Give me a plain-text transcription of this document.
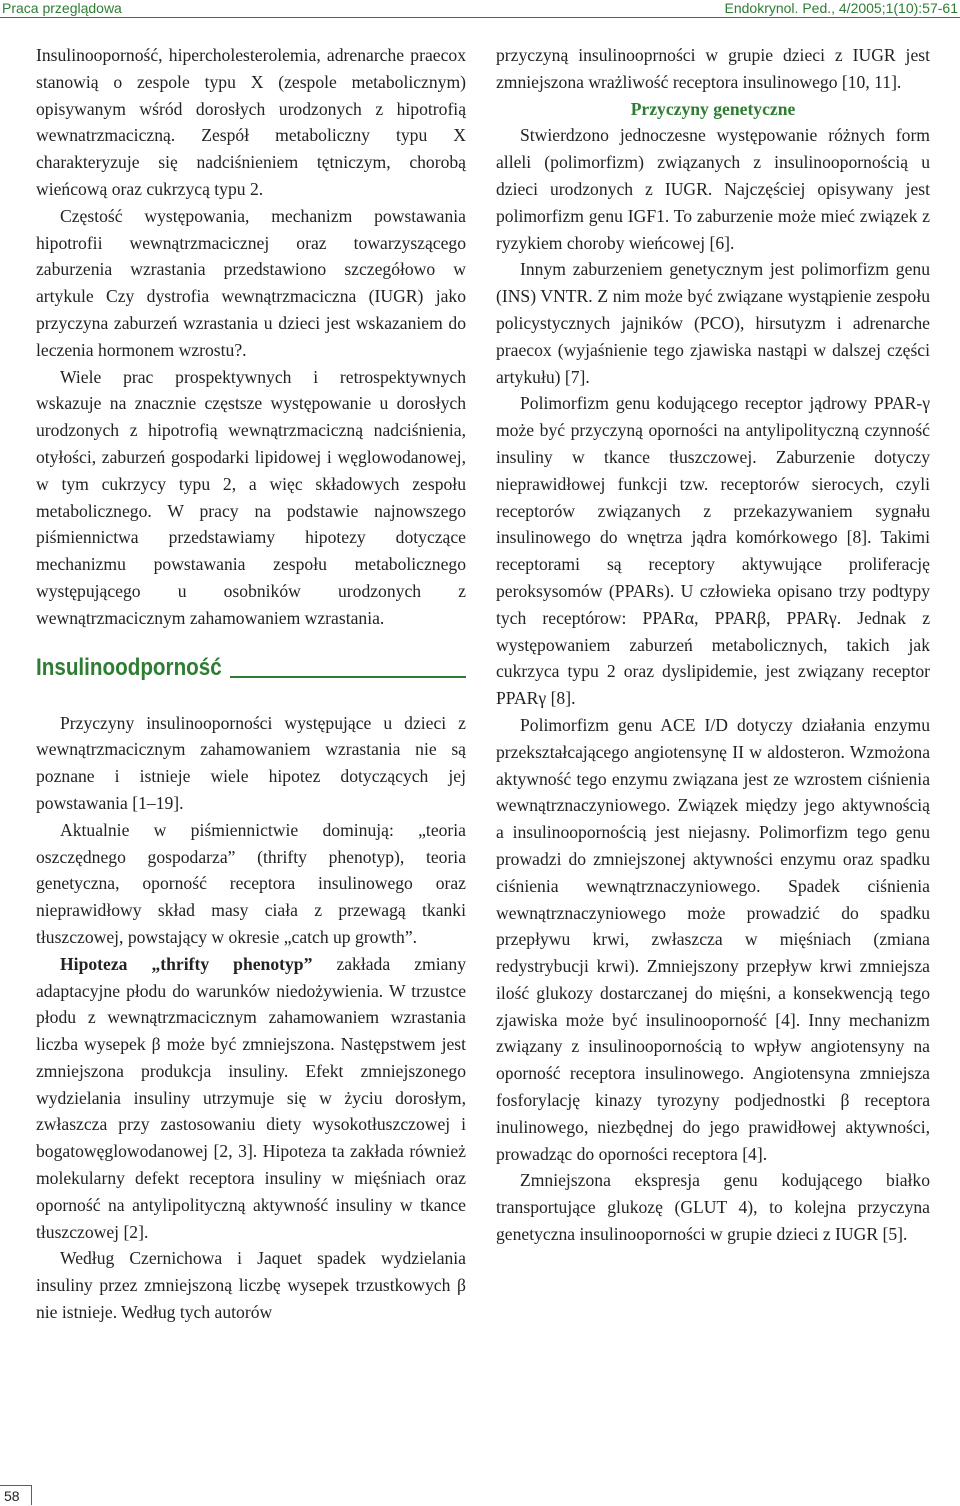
Praca przeglądowa	Endokrynol. Ped., 4/2005;1(10):57-61

Insulinooporność, hipercholesterolemia, adrenarche praecox stanowią o zespole typu X (zespole metabolicznym) opisywanym wśród dorosłych urodzonych z hipotrofią wewnatrzmaciczną. Zespół metaboliczny typu X charakteryzuje się nadciśnieniem tętniczym, chorobą wieńcową oraz cukrzycą typu 2.

Częstość występowania, mechanizm powstawania hipotrofii wewnątrzmacicznej oraz towarzyszącego zaburzenia wzrastania przedstawiono szczegółowo w artykule Czy dystrofia wewnątrzmaciczna (IUGR) jako przyczyna zaburzeń wzrastania u dzieci jest wskazaniem do leczenia hormonem wzrostu?.

Wiele prac prospektywnych i retrospektywnych wskazuje na znacznie częstsze występowanie u dorosłych urodzonych z hipotrofią wewnątrzmaciczną nadciśnienia, otyłości, zaburzeń gospodarki lipidowej i węglowodanowej, w tym cukrzycy typu 2, a więc składowych zespołu metabolicznego. W pracy na podstawie najnowszego piśmiennictwa przedstawiamy hipotezy dotyczące mechanizmu powstawania zespołu metabolicznego występującego u osobników urodzonych z wewnątrzmacicznym zahamowaniem wzrastania.

Insulinoodporność

Przyczyny insulinooporności występujące u dzieci z wewnątrzmacicznym zahamowaniem wzrastania nie są poznane i istnieje wiele hipotez dotyczących jej powstawania [1–19].

Aktualnie w piśmiennictwie dominują: „teoria oszczędnego gospodarza” (thrifty phenotyp), teoria genetyczna, oporność receptora insulinowego oraz nieprawidłowy skład masy ciała z przewagą tkanki tłuszczowej, powstający w okresie „catch up growth”.

Hipoteza „thrifty phenotyp” zakłada zmiany adaptacyjne płodu do warunków niedożywienia. W trzustce płodu z wewnątrzmacicznym zahamowaniem wzrastania liczba wysepek β może być zmniejszona. Następstwem jest zmniejszona produkcja insuliny. Efekt zmniejszonego wydzielania insuliny utrzymuje się w życiu dorosłym, zwłaszcza przy zastosowaniu diety wysokotłuszczowej i bogatowęglowodanowej [2, 3]. Hipoteza ta zakłada również molekularny defekt receptora insuliny w mięśniach oraz oporność na antylipolityczną aktywność insuliny w tkance tłuszczowej [2].

Według Czernichowa i Jaquet spadek wydzielania insuliny przez zmniejszoną liczbę wysepek trzustkowych β nie istnieje. Według tych autorów

przyczyną insulinooprności w grupie dzieci z IUGR jest zmniejszona wrażliwość receptora insulinowego [10, 11].

Przyczyny genetyczne

Stwierdzono jednoczesne występowanie różnych form alleli (polimorfizm) związanych z insulinoopornością u dzieci urodzonych z IUGR. Najczęściej opisywany jest polimorfizm genu IGF1. To zaburzenie może mieć związek z ryzykiem choroby wieńcowej [6].

Innym zaburzeniem genetycznym jest polimorfizm genu (INS) VNTR. Z nim może być związane wystąpienie zespołu policystycznych jajników (PCO), hirsutyzm i adrenarche praecox (wyjaśnienie tego zjawiska nastąpi w dalszej części artykułu) [7].

Polimorfizm genu kodującego receptor jądrowy PPAR-γ może być przyczyną oporności na antylipolityczną czynność insuliny w tkance tłuszczowej. Zaburzenie dotyczy nieprawidłowej funkcji tzw. receptorów sierocych, czyli receptorów związanych z przekazywaniem sygnału insulinowego do wnętrza jądra komórkowego [8]. Takimi receptorami są receptory aktywujące proliferację peroksysomów (PPARs). U człowieka opisano trzy podtypy tych receptórow: PPARα, PPARβ, PPARγ. Jednak z występowaniem zaburzeń metabolicznych, takich jak cukrzyca typu 2 oraz dyslipidemie, jest związany receptor PPARγ [8].

Polimorfizm genu ACE I/D dotyczy działania enzymu przekształcającego angiotensynę II w aldosteron. Wzmożona aktywność tego enzymu związana jest ze wzrostem ciśnienia wewnątrznaczyniowego. Związek między jego aktywnością a insulinoopornością jest niejasny. Polimorfizm tego genu prowadzi do zmniejszonej aktywności enzymu oraz spadku ciśnienia wewnątrznaczyniowego. Spadek ciśnienia wewnątrznaczyniowego może prowadzić do spadku przepływu krwi, zwłaszcza w mięśniach (zmiana redystrybucji krwi). Zmniejszony przepływ krwi zmniejsza ilość glukozy dostarczanej do mięśni, a konsekwencją tego zjawiska może być insulinooporność [4]. Inny mechanizm związany z insulinoopornością to wpływ angiotensyny na oporność receptora insulinowego. Angiotensyna zmniejsza fosforylację kinazy tyrozyny podjednostki β receptora inulinowego, niezbędnej do jego prawidłowej aktywności, prowadząc do oporności receptora [4].

Zmniejszona ekspresja genu kodującego białko transportujące glukozę (GLUT 4), to kolejna przyczyna genetyczna insulinooporności w grupie dzieci z IUGR [5].

58
